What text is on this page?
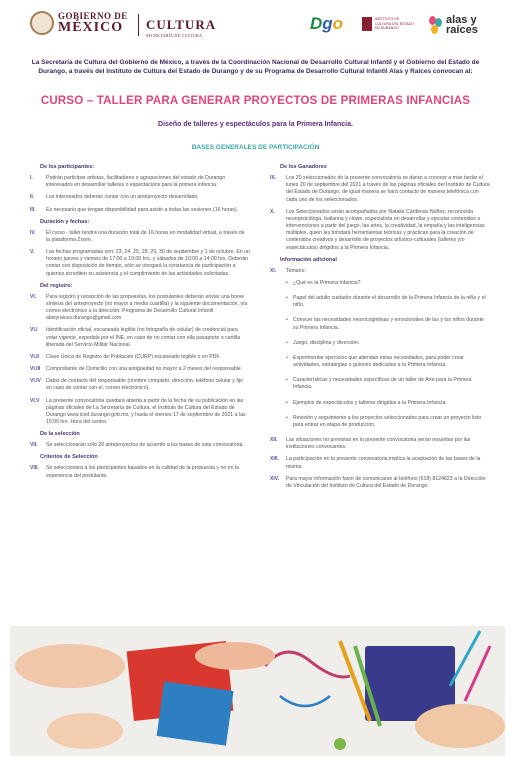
GOBIERNO DE
MÉXICO	CULTURA
SECRETARÍA DE CULTURA
Dgo	INSTITUTO DE CULTURA DEL ESTADO DE DURANGO
alas y
raíces
La Secretaría de Cultura del Gobierno de México, a través de la Coordinación Nacional de Desarrollo Cultural Infantil y el Gobierno del Estado de Durango, a través del Instituto de Cultura del Estado de Durango y de su Programa de Desarrollo Cultural Infantil Alas y Raíces convocan al:
CURSO – TALLER PARA GENERAR PROYECTOS DE PRIMERAS INFANCIAS
Diseño de talleres y espectáculos para la Primera Infancia.
BASES GENERALES DE PARTICIPACIÓN
De los participantes:
I.	Podrán participar artistas, facilitadores o agrupaciones del estado de Durango interesados en desarrollar talleres o espectáculos para la primera infancia.
II.	Los interesados deberán contar con un anteproyecto desarrollado.
III.	Es necesario que tengan disponibilidad para asistir a todas las sesiones (16 horas).
Duración y fechas:
IV.	El curso - taller tendrá una duración total de 16 horas en modalidad virtual, a través de la plataforma Zoom.
V.	Las fechas programadas son: 23, 24, 25, 28, 29, 30 de septiembre y 1 de octubre. En un horario jueves y viernes de 17:00 a 19:00 hrs. y sábados de 10:00 a 14:00 hrs. Deberán contar con disposición de tiempo, sólo se otorgará la constancia de participación a quienes acrediten su asistencia y el cumplimiento de las actividades solicitadas.
Del registro:
VI.	Para registro y recepción de las propuestas, los postulantes deberán enviar una breve síntesis del anteproyecto (no mayor a media cuartilla) y la siguiente documentación, vía correo electrónico a la dirección: Programa de Desarrollo Cultural Infantil: alasyraices.durango@gmail.com
VI.I	Identificación oficial, escaneada legible (no fotografía de celular) de credencial para votar vigente, expedida por el INE, en caso de no contar con ella pasaporte o cartilla liberada del Servicio Militar Nacional.
VI.II	Clave Única de Registro de Población (CURP) escaneado legible o en PDF.
VI.III	Comprobante de Domicilio con una antigüedad no mayor a 2 meses del responsable.
VI.IV Datos de contacto del responsable (nombre completo, dirección, teléfono celular y fijo en caso de contar con el, correo electrónico).
VI.V	La presente convocatoria quedará abierta a partir de la fecha de su publicación en las páginas oficiales de La Secretaría de Cultura, el Instituto de Cultura del Estado de Durango www.iced.durango.gob.mx, y hasta el viernes 17 de septiembre de 2021 a las 15:00 hrs. Hora del centro.
De la selección
VII.	Se seleccionarán sólo 20 anteproyectos de acuerdo a las bases de esta convocatoria.
Criterios de Selección
VIII.	Se seleccionará a los participantes basados en la calidad de la propuesta y no en la experiencia del postulante.
De los Ganadores
IX.	Los 20 seleccionados de la presente convocatoria se darán a conocer a más tardar el lunes 20 de septiembre del 2021 a través de las páginas oficiales del Instituto de Cultura del Estado de Durango, de igual manera se hará contacto de manera telefónica con cada uno de los seleccionados.
X.	Los Seleccionados serán acompañados por Natalia Cárdenas Núñez, reconocida neuropsicóloga, bailarina y clown, especialista en desarrollar y ejecutar contenidos e intervenciones a partir del juego, las artes, la creatividad, la empatía y las inteligencias múltiples, quien les brindará herramientas teóricas y prácticas para la creación de contenidos creativos y desarrollo de proyectos artístico-culturales (talleres y/o espectáculos) dirigidos a la Primera Infancia.
Información adicional
XI.	Temario:
• ¿Qué es la Primera Infancia?
• Papel del adulto cuidador durante el desarrollo de la Primera Infancia de la niña y el niño.
• Conocer las necesidades neurocognitivas y emocionales de las y los niños durante su Primera Infancia.
• Juego, disciplina y diversión.
• Experimentar ejercicios que atiendan estas necesidades, para poder crear actividades, estrategias o guiones dedicados a la Primera Infancia.
• Características y necesidades específicas de un taller de Arte para la Primera Infancia.
• Ejemplos de espectáculos y talleres dirigidos a la Primera Infancia.
• Revisión y seguimiento a los proyectos seleccionados para crear un proyecto listo para entrar en etapa de producción.
XII.	Las situaciones no previstas en la presente convocatoria serán resueltas por las instituciones convocantes.
XIII.	La participación en la presente convocatoria implica la aceptación de las bases de la misma.
XIV.	Para mayor información favor de comunicarse al teléfono (618) 8124623 a la Dirección de Vinculación del Instituto de Cultura del Estado de Durango.
